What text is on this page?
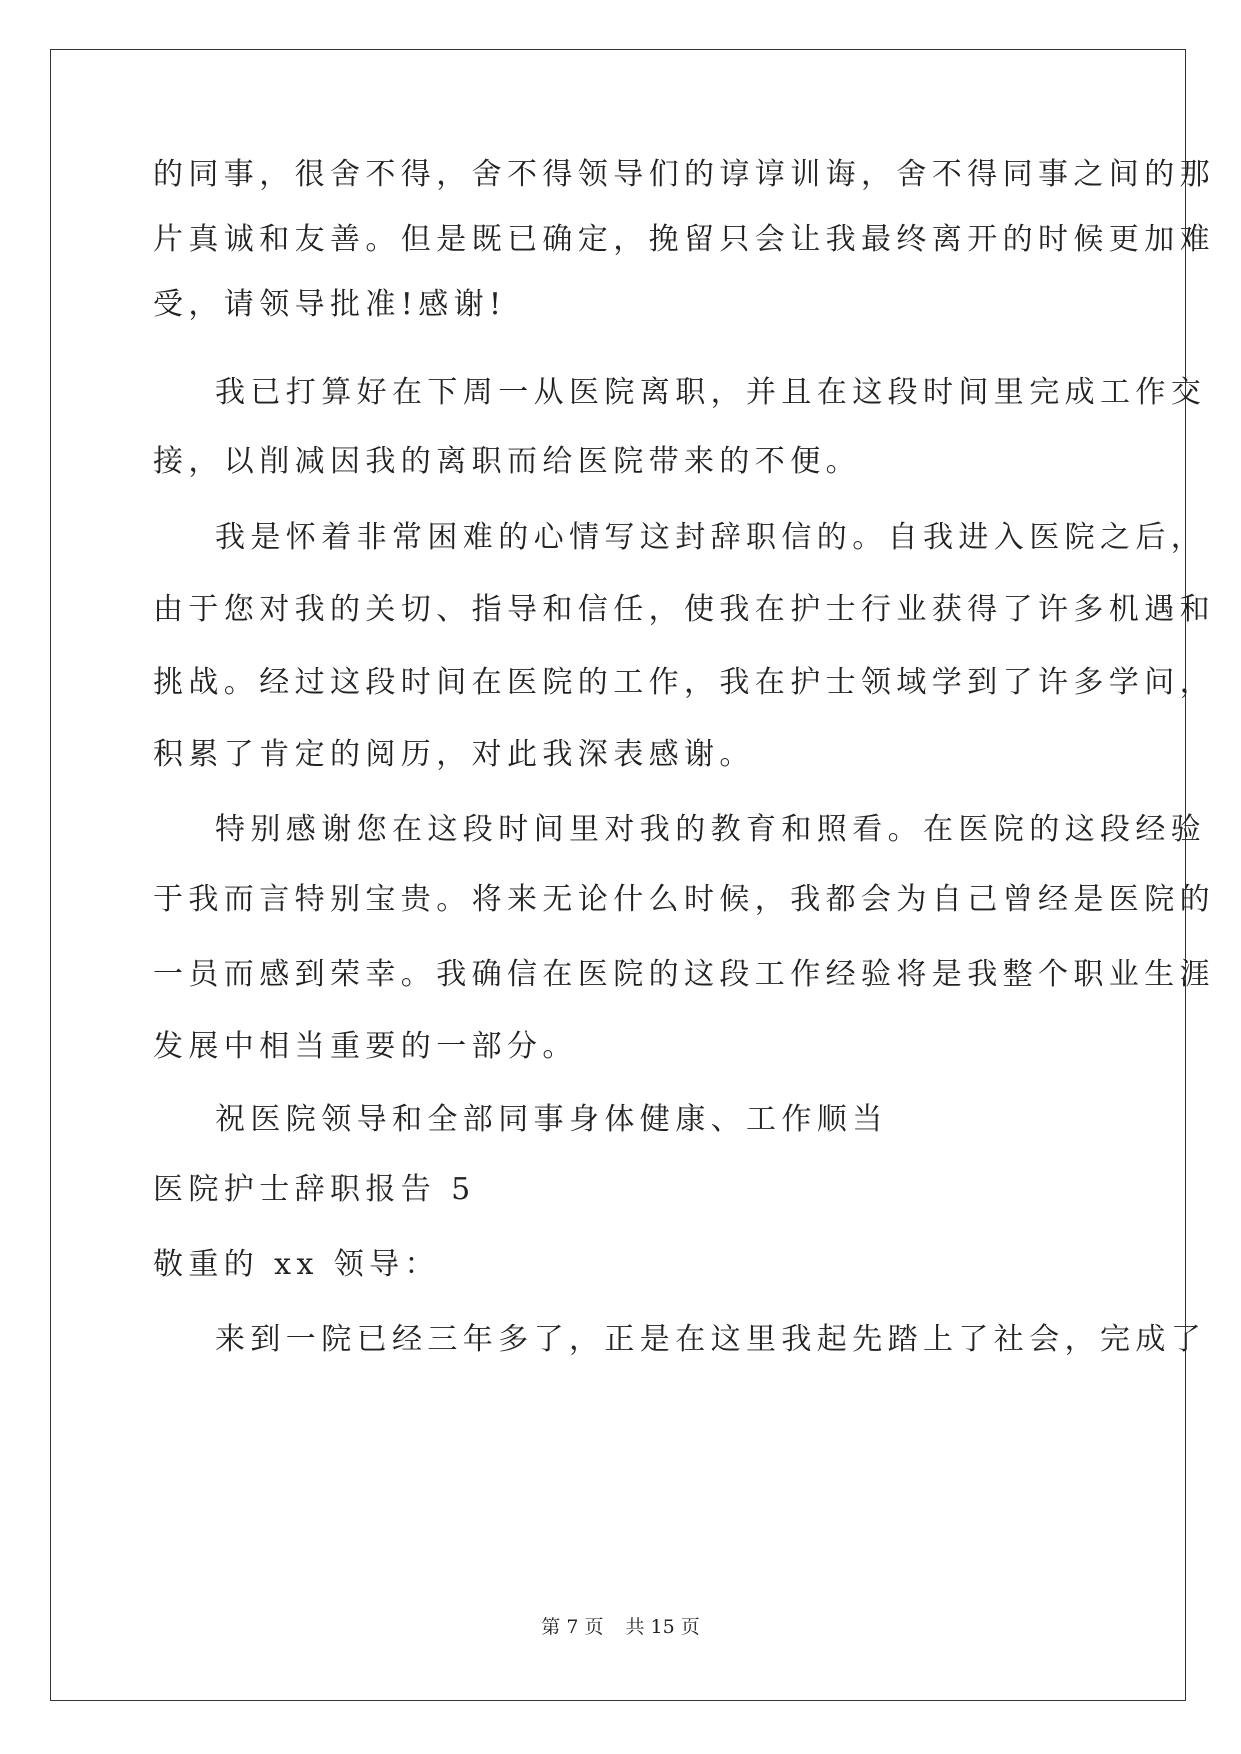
的同事，很舍不得，舍不得领导们的谆谆训诲，舍不得同事之间的那
片真诚和友善。但是既已确定，挽留只会让我最终离开的时候更加难
受，请领导批准!感谢!
我已打算好在下周一从医院离职，并且在这段时间里完成工作交
接，以削减因我的离职而给医院带来的不便。
我是怀着非常困难的心情写这封辞职信的。自我进入医院之后，
由于您对我的关切、指导和信任，使我在护士行业获得了许多机遇和
挑战。经过这段时间在医院的工作，我在护士领域学到了许多学问，
积累了肯定的阅历，对此我深表感谢。
特别感谢您在这段时间里对我的教育和照看。在医院的这段经验
于我而言特别宝贵。将来无论什么时候，我都会为自己曾经是医院的
一员而感到荣幸。我确信在医院的这段工作经验将是我整个职业生涯
发展中相当重要的一部分。
祝医院领导和全部同事身体健康、工作顺当
医院护士辞职报告 5
敬重的 xx 领导：
来到一院已经三年多了，正是在这里我起先踏上了社会，完成了
第 7 页 共 15 页
